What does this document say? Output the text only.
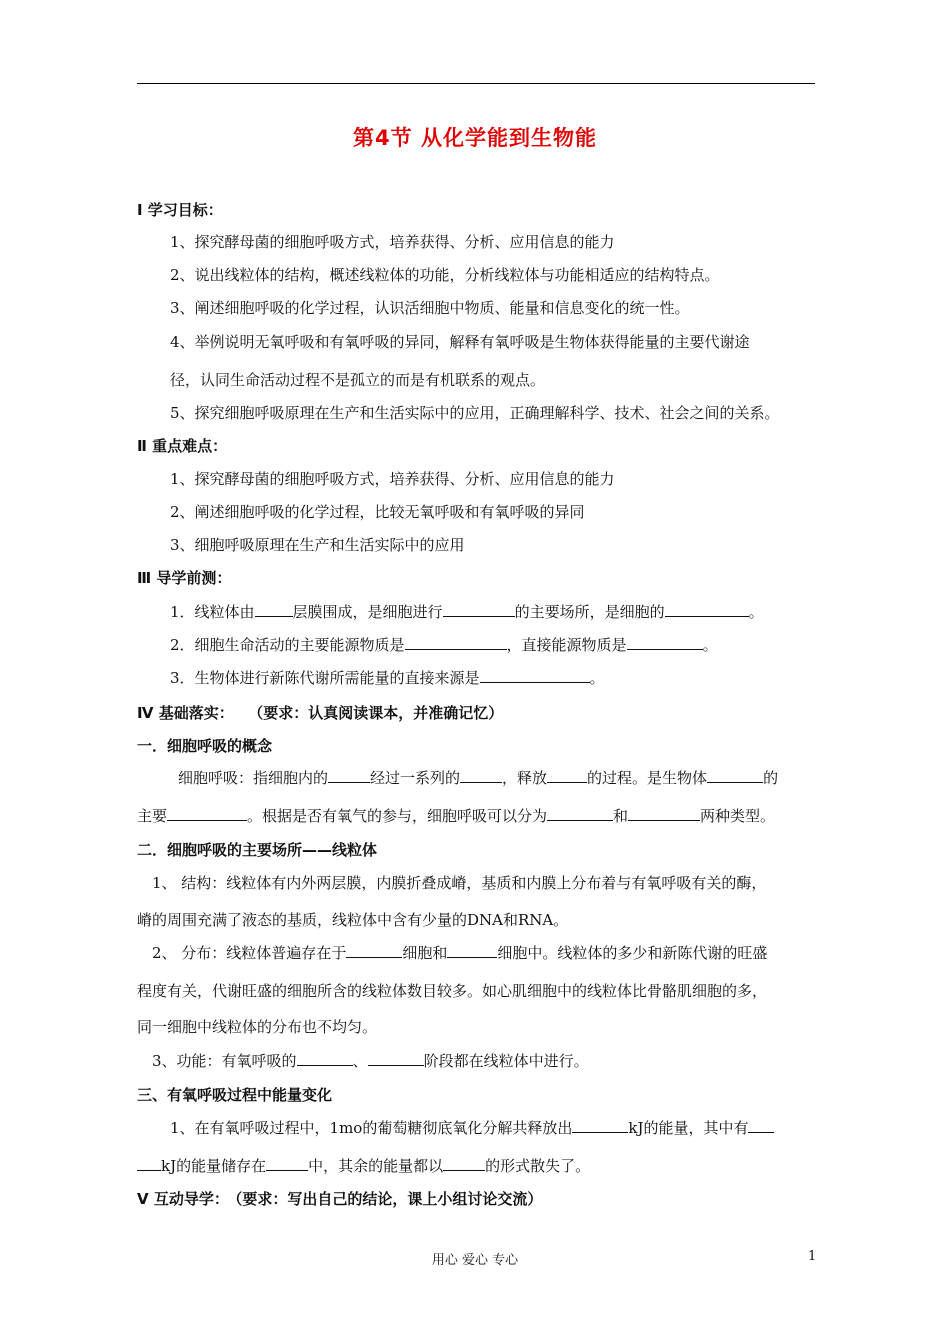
第4节 从化学能到生物能
Ⅰ 学习目标：
1、探究酵母菌的细胞呼吸方式，培养获得、分析、应用信息的能力
2、说出线粒体的结构，概述线粒体的功能，分析线粒体与功能相适应的结构特点。
3、阐述细胞呼吸的化学过程，认识活细胞中物质、能量和信息变化的统一性。
4、举例说明无氧呼吸和有氧呼吸的异同，解释有氧呼吸是生物体获得能量的主要代谢途
径，认同生命活动过程不是孤立的而是有机联系的观点。
5、探究细胞呼吸原理在生产和生活实际中的应用，正确理解科学、技术、社会之间的关系。
Ⅱ 重点难点：
1、探究酵母菌的细胞呼吸方式，培养获得、分析、应用信息的能力
2、阐述细胞呼吸的化学过程，比较无氧呼吸和有氧呼吸的异同
3、细胞呼吸原理在生产和生活实际中的应用
Ⅲ 导学前测：
1．线粒体由	层膜围成，是细胞进行	的主要场所，是细胞的	。
2．细胞生命活动的主要能源物质是	，直接能源物质是	。
3．生物体进行新陈代谢所需能量的直接来源是	。
Ⅳ 基础落实： （要求：认真阅读课本，并准确记忆）
一．细胞呼吸的概念
细胞呼吸：指细胞内的	经过一系列的	，释放	的过程。是生物体	的
主要	。根据是否有氧气的参与，细胞呼吸可以分为	和	两种类型。
二．细胞呼吸的主要场所——线粒体
1、 结构：线粒体有内外两层膜，内膜折叠成嵴，基质和内膜上分布着与有氧呼吸有关的酶，
嵴的周围充满了液态的基质，线粒体中含有少量的DNA和RNA。
2、 分布：线粒体普遍存在于	细胞和	细胞中。线粒体的多少和新陈代谢的旺盛
程度有关，代谢旺盛的细胞所含的线粒体数目较多。如心肌细胞中的线粒体比骨骼肌细胞的多，
同一细胞中线粒体的分布也不均匀。
3、功能：有氧呼吸的	、	阶段都在线粒体中进行。
三、有氧呼吸过程中能量变化
1、在有氧呼吸过程中，1mo的葡萄糖彻底氧化分解共释放出	kJ的能量，其中有
kJ的能量储存在	中，其余的能量都以	的形式散失了。
Ⅴ 互动导学： （要求：写出自己的结论，课上小组讨论交流）
用心 爱心 专心	1
